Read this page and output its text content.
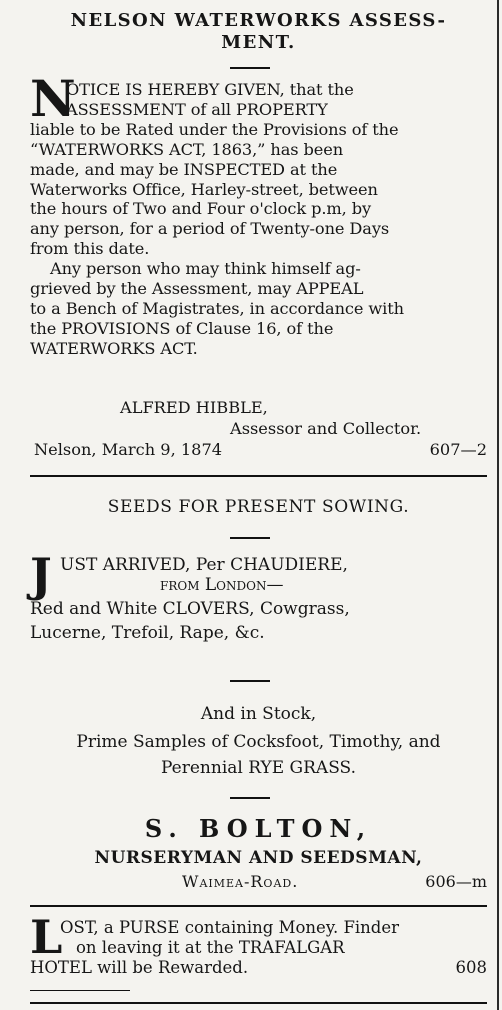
NELSON WATERWORKS ASSESS-
MENT.
N
OTICE IS HEREBY GIVEN, that the
ASSESSMENT of all PROPERTY
liable to be Rated under the Provisions of the
“WATERWORKS ACT, 1863,” has been
made, and may be INSPECTED at the
Waterworks Office, Harley-street, between
the hours of Two and Four o'clock p.m, by
any person, for a period of Twenty-one Days
from this date.
Any person who may think himself ag-
grieved by the Assessment, may APPEAL
to a Bench of Magistrates, in accordance with
the PROVISIONS of Clause 16, of the
WATERWORKS ACT.
ALFRED HIBBLE,
Assessor and Collector.
Nelson, March 9, 1874	607—2
SEEDS FOR PRESENT SOWING.
J UST ARRIVED, Per CHAUDIERE,
from London—
Red and White CLOVERS, Cowgrass,
Lucerne, Trefoil, Rape, &c.
And in Stock,
Prime Samples of Cocksfoot, Timothy, and
Perennial RYE GRASS.
S. BOLTON,
NURSERYMAN AND SEEDSMAN,
Waimea-Road.	606—m
L
OST, a PURSE containing Money. Finder
on leaving it at the TRAFALGAR
HOTEL will be Rewarded.	608
